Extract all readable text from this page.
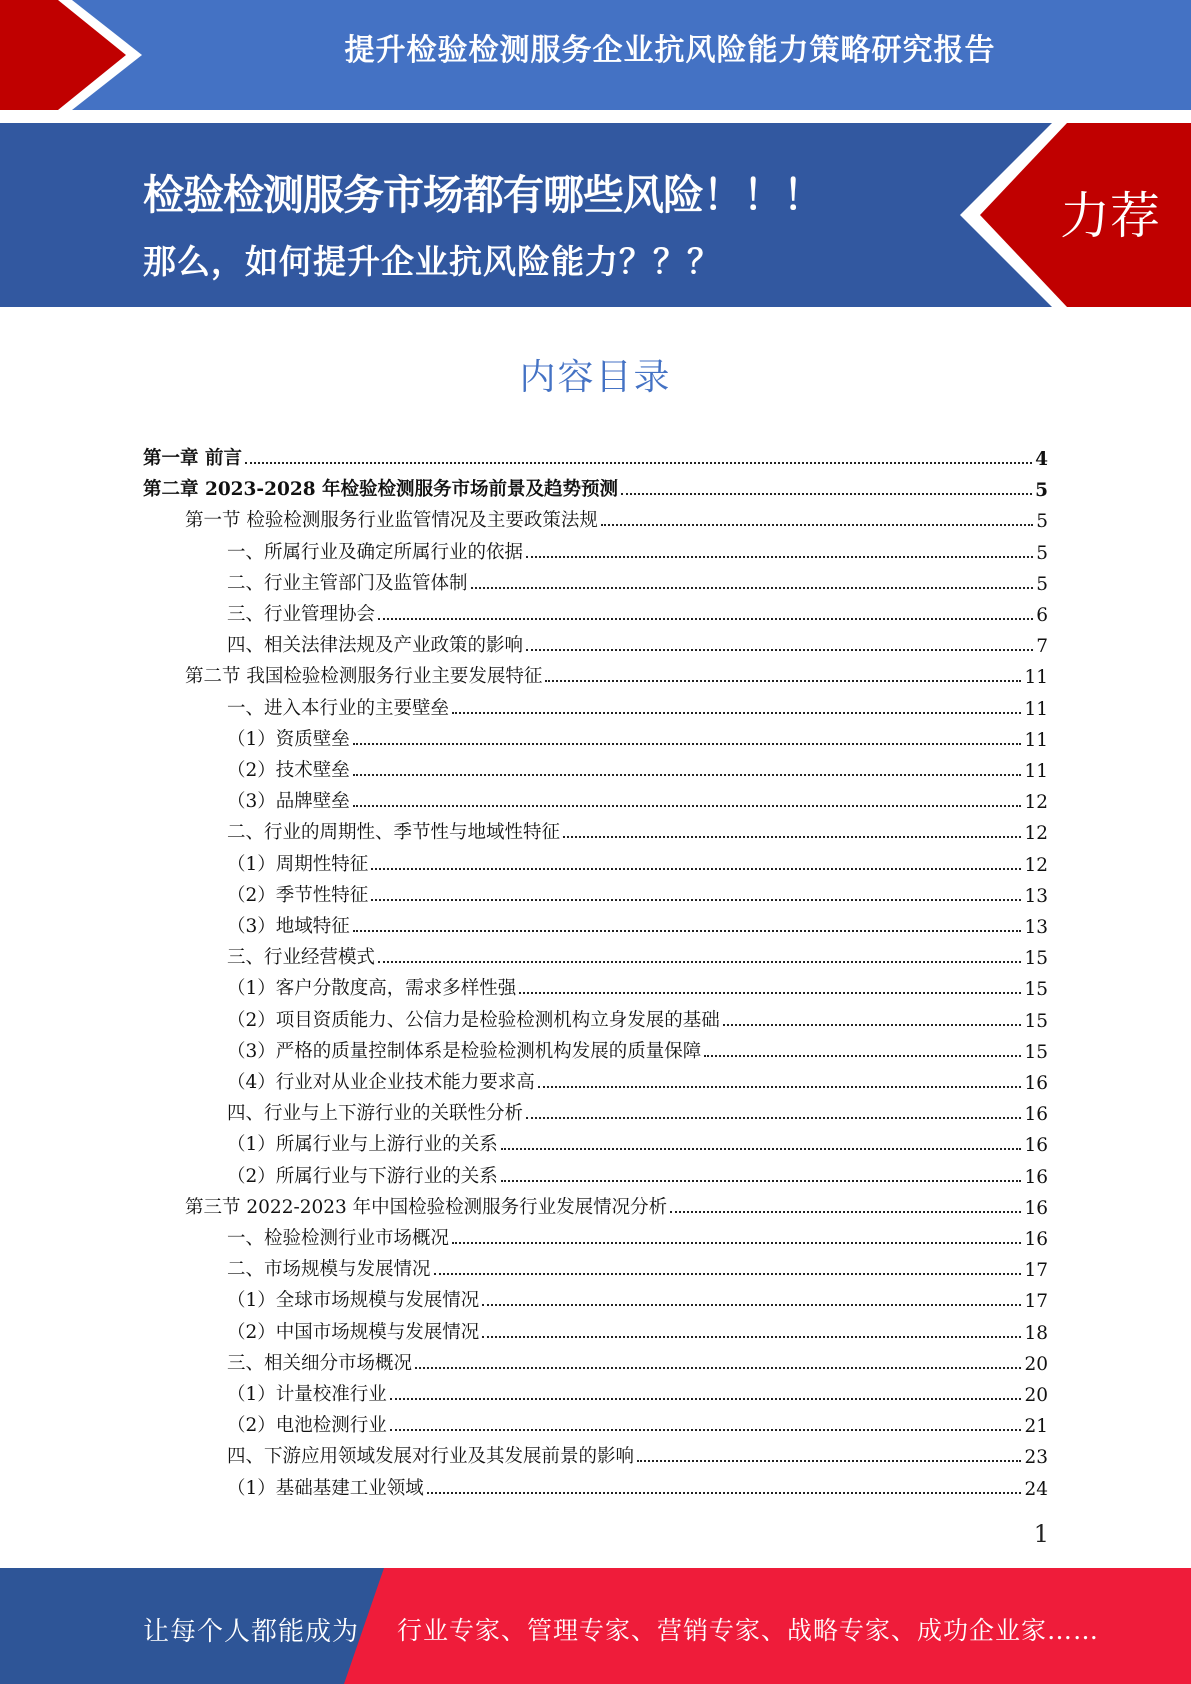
提升检验检测服务企业抗风险能力策略研究报告
检验检测服务市场都有哪些风险！！！
那么，如何提升企业抗风险能力？？？
力荐
内容目录
第一章 前言	4
第二章 2023-2028 年检验检测服务市场前景及趋势预测	5
第一节 检验检测服务行业监管情况及主要政策法规	5
一、所属行业及确定所属行业的依据	5
二、行业主管部门及监管体制	5
三、行业管理协会	6
四、相关法律法规及产业政策的影响	7
第二节 我国检验检测服务行业主要发展特征	11
一、进入本行业的主要壁垒	11
（1）资质壁垒	11
（2）技术壁垒	11
（3）品牌壁垒	12
二、行业的周期性、季节性与地域性特征	12
（1）周期性特征	12
（2）季节性特征	13
（3）地域特征	13
三、行业经营模式	15
（1）客户分散度高，需求多样性强	15
（2）项目资质能力、公信力是检验检测机构立身发展的基础	15
（3）严格的质量控制体系是检验检测机构发展的质量保障	15
（4）行业对从业企业技术能力要求高	16
四、行业与上下游行业的关联性分析	16
（1）所属行业与上游行业的关系	16
（2）所属行业与下游行业的关系	16
第三节 2022-2023 年中国检验检测服务行业发展情况分析	16
一、检验检测行业市场概况	16
二、市场规模与发展情况	17
（1）全球市场规模与发展情况	17
（2）中国市场规模与发展情况	18
三、相关细分市场概况	20
（1）计量校准行业	20
（2）电池检测行业	21
四、下游应用领域发展对行业及其发展前景的影响	23
（1）基础基建工业领域	24
1
让每个人都能成为 行业专家、管理专家、营销专家、战略专家、成功企业家……
